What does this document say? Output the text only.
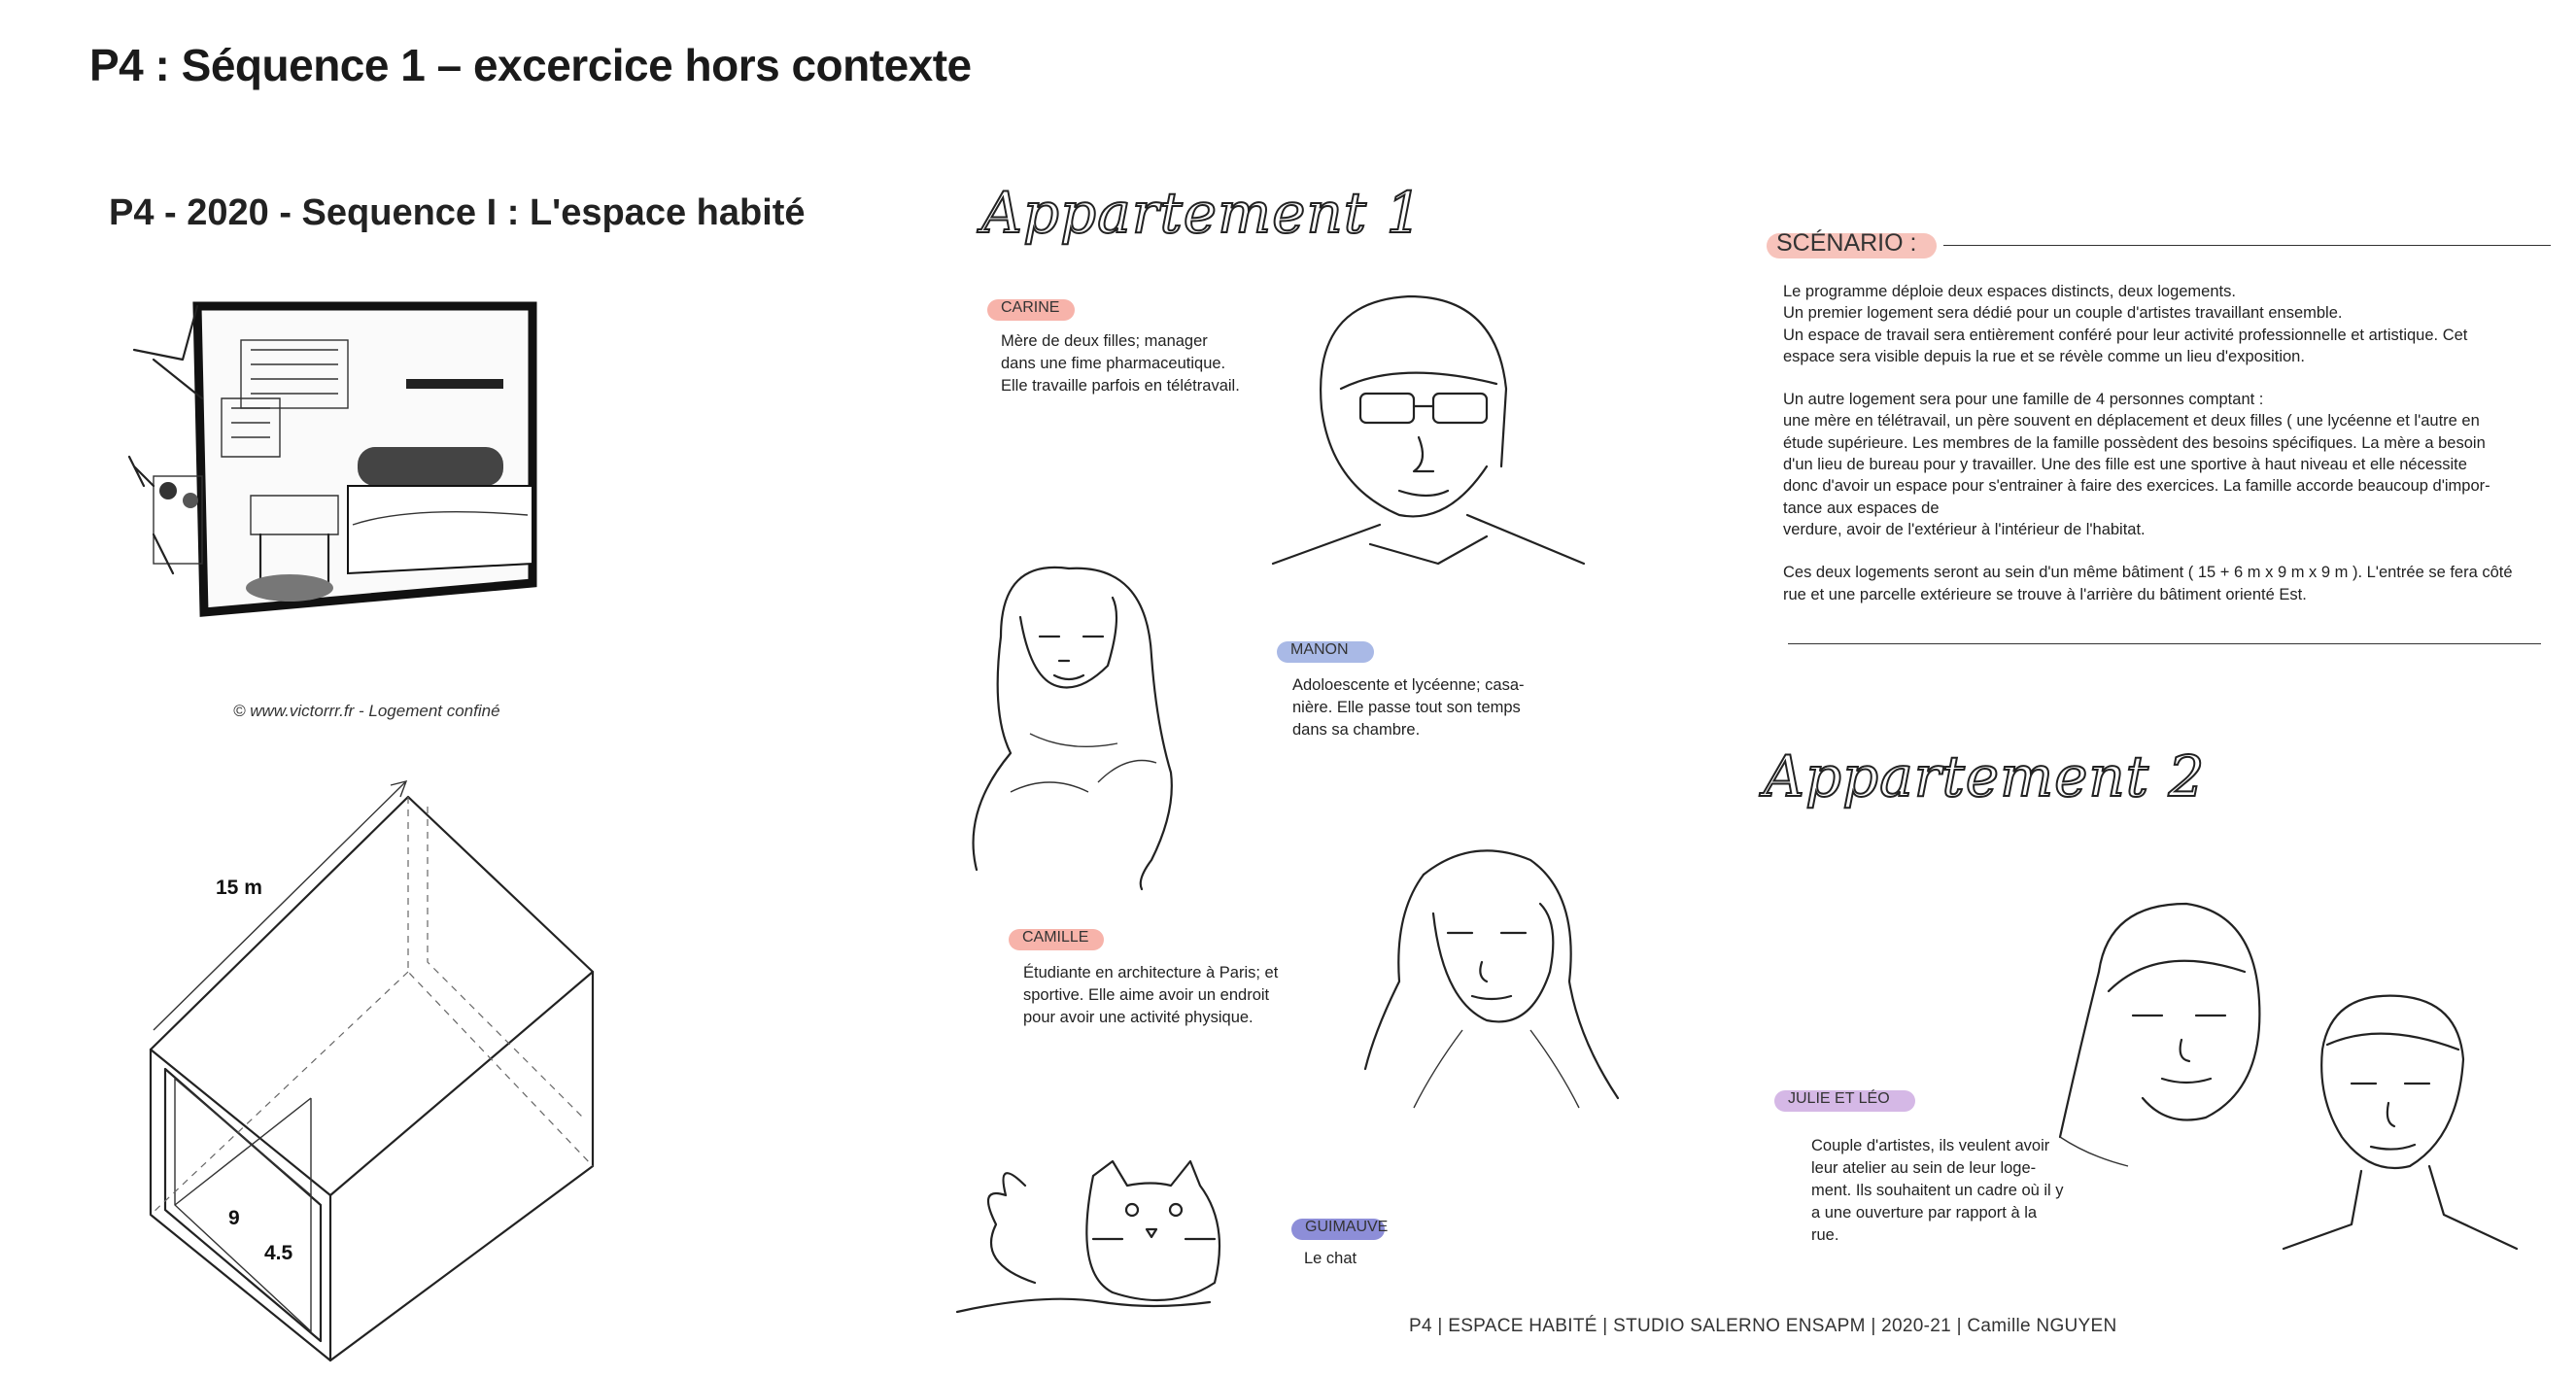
P4 : Séquence 1 – excercice hors contexte
P4 - 2020 - Sequence I : L'espace habité
© www.victorrr.fr - Logement confiné
15 m
9
4.5
Appartement 1
CARINE
Mère de deux filles; manager
dans une fime pharmaceutique.
Elle travaille parfois en télétravail.
MANON
Adoloescente et lycéenne; casa-
nière. Elle passe tout son temps
dans sa chambre.
CAMILLE
Étudiante en architecture à Paris; et
sportive. Elle aime avoir un endroit
pour avoir une activité physique.
GUIMAUVE
Le chat
SCÉNARIO :

Le programme déploie deux espaces distincts, deux logements.
Un premier logement sera dédié pour un couple d'artistes travaillant ensemble.
Un espace de travail sera entièrement conféré pour leur activité professionnelle et artistique. Cet
espace sera visible depuis la rue et se révèle comme un lieu d'exposition.

Un autre logement sera pour une famille de 4 personnes comptant :
une mère en télétravail, un père souvent en déplacement et deux filles ( une lycéenne et l'autre en
étude supérieure. Les membres de la famille possèdent des besoins spécifiques. La mère a besoin
d'un lieu de bureau pour y travailler. Une des fille est une sportive à haut niveau et elle nécessite
donc d'avoir un espace pour s'entrainer à faire des exercices. La famille accorde beaucoup d'impor-
tance aux espaces de
verdure, avoir de l'extérieur à l'intérieur de l'habitat.

Ces deux logements seront au sein d'un même bâtiment ( 15 + 6 m x 9 m x 9 m ). L'entrée se fera côté
rue et une parcelle extérieure se trouve à l'arrière du bâtiment orienté Est.

Appartement 2
JULIE ET LÉO
Couple d'artistes, ils veulent avoir
leur atelier au sein de leur loge-
ment. Ils souhaitent un cadre où il y
a une ouverture par rapport à la
rue.
P4 | ESPACE HABITÉ | STUDIO SALERNO ENSAPM | 2020-21 | Camille NGUYEN
